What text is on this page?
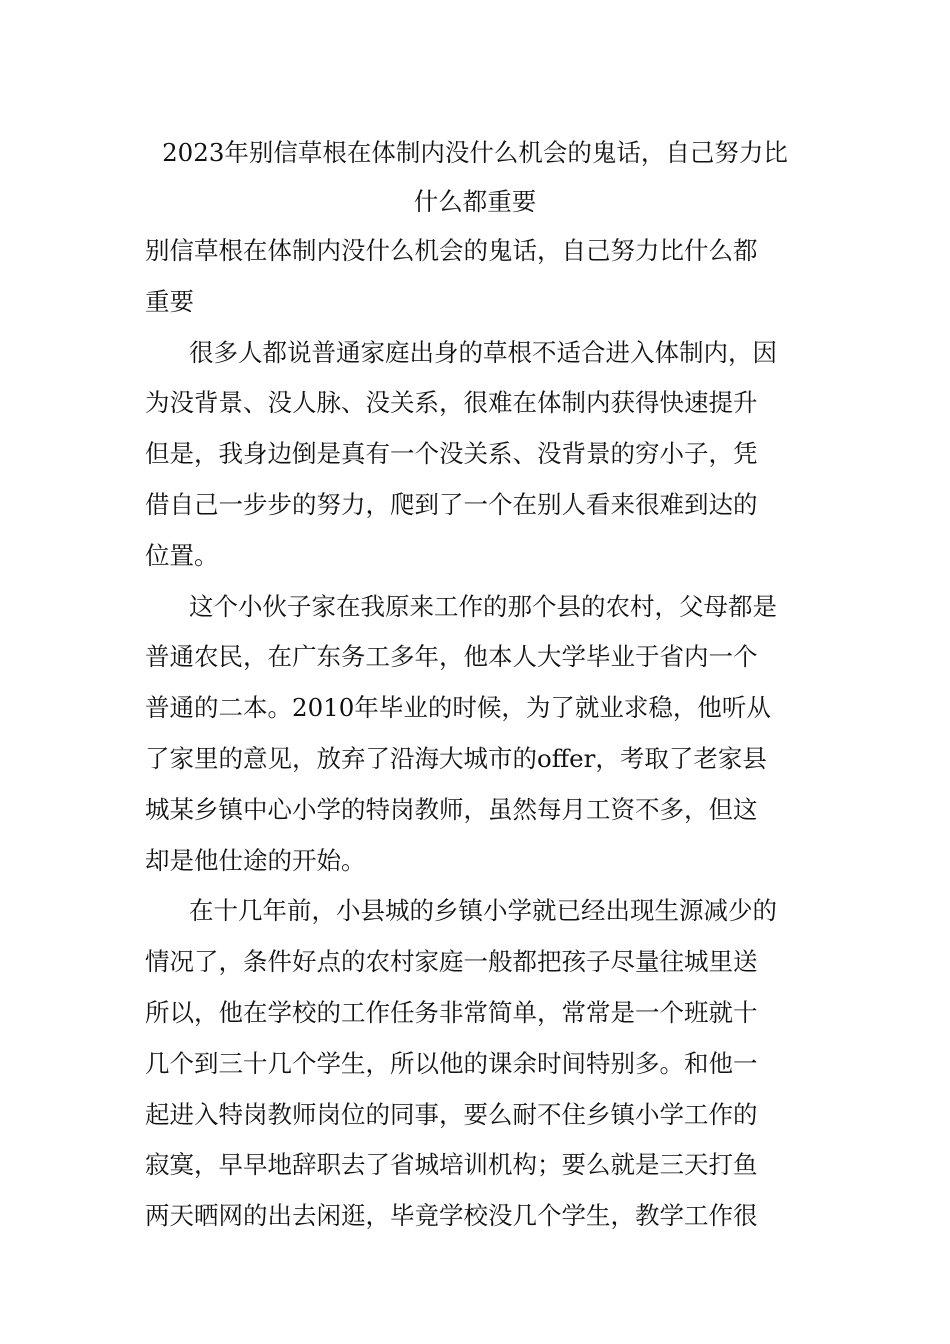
2023年别信草根在体制内没什么机会的鬼话，自己努力比
什么都重要

别信草根在体制内没什么机会的鬼话，自己努力比什么都
重要

很多人都说普通家庭出身的草根不适合进入体制内，因
为没背景、没人脉、没关系，很难在体制内获得快速提升
但是，我身边倒是真有一个没关系、没背景的穷小子，凭
借自己一步步的努力，爬到了一个在别人看来很难到达的
位置。

这个小伙子家在我原来工作的那个县的农村，父母都是
普通农民，在广东务工多年，他本人大学毕业于省内一个
普通的二本。2010年毕业的时候，为了就业求稳，他听从
了家里的意见，放弃了沿海大城市的offer，考取了老家县
城某乡镇中心小学的特岗教师，虽然每月工资不多，但这
却是他仕途的开始。

在十几年前，小县城的乡镇小学就已经出现生源减少的
情况了，条件好点的农村家庭一般都把孩子尽量往城里送
所以，他在学校的工作任务非常简单，常常是一个班就十
几个到三十几个学生，所以他的课余时间特别多。和他一
起进入特岗教师岗位的同事，要么耐不住乡镇小学工作的
寂寞，早早地辞职去了省城培训机构；要么就是三天打鱼
两天晒网的出去闲逛，毕竟学校没几个学生，教学工作很
